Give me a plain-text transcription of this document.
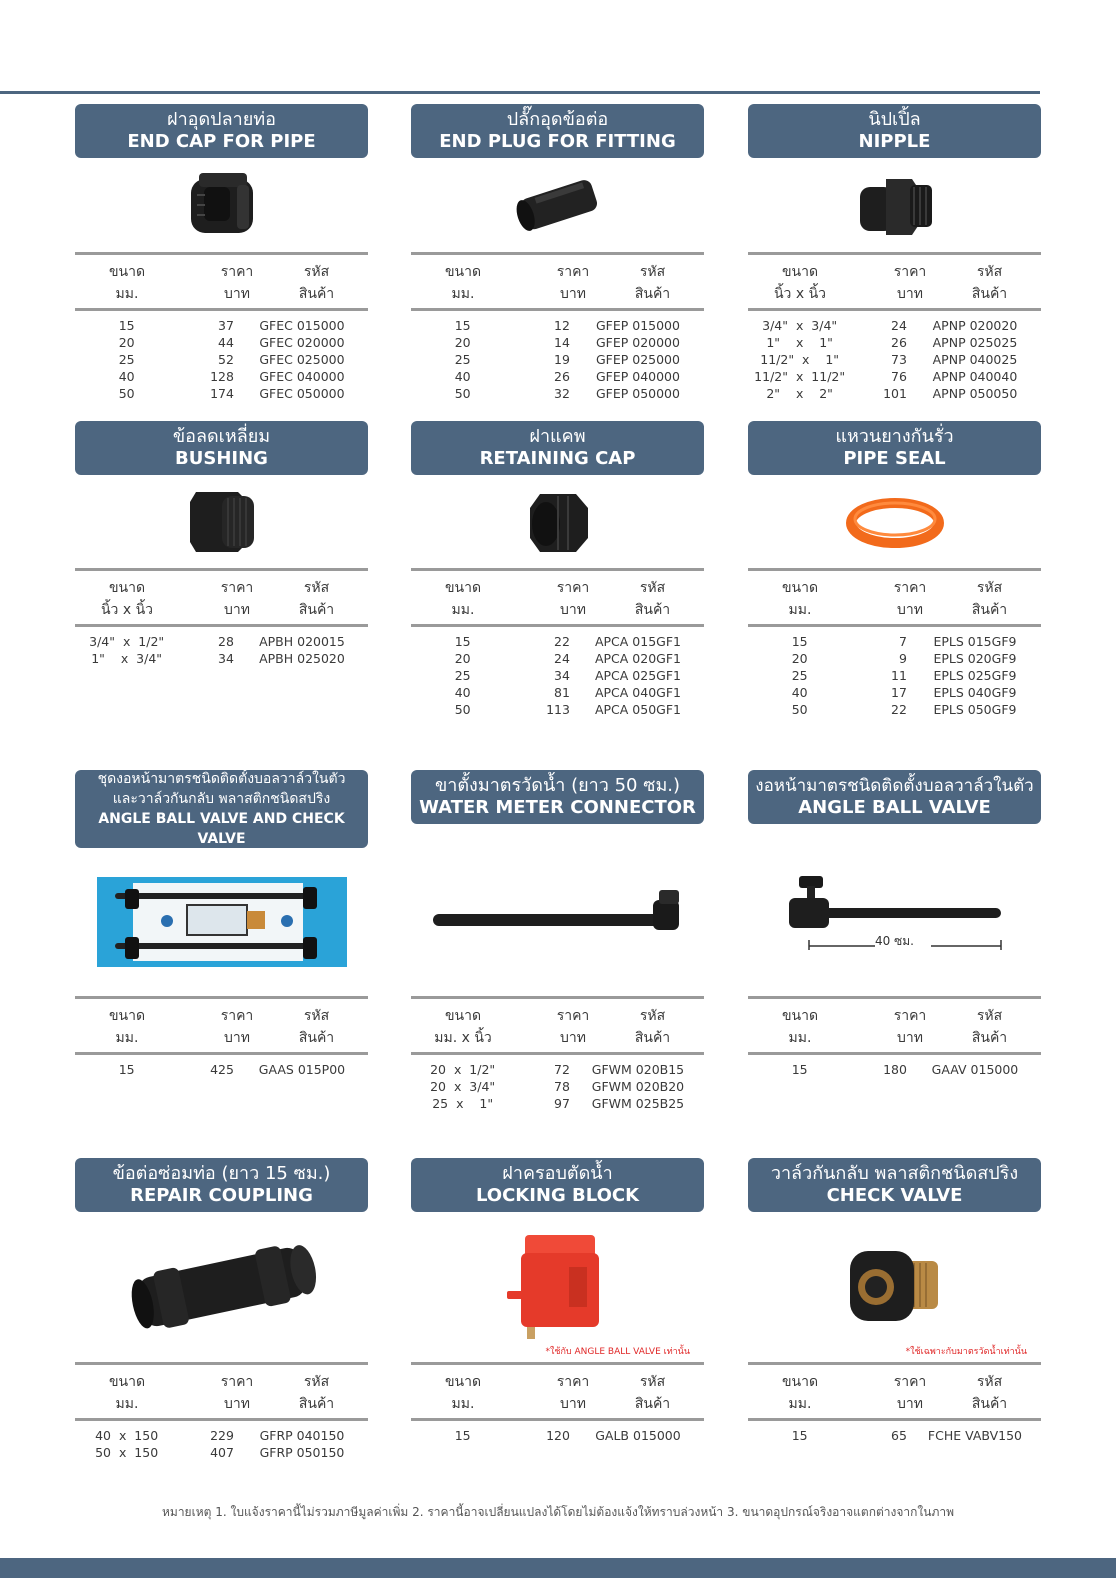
ฝาอุดปลายท่อ
END CAP FOR PIPE
ขนาด
มม.
ราคา
บาท
รหัส
สินค้า
15	37	GFEC 015000
20	44	GFEC 020000
25	52	GFEC 025000
40	128	GFEC 040000
50	174	GFEC 050000
ปลั๊กอุดข้อต่อ
END PLUG FOR FITTING
ขนาด
มม.
ราคา
บาท
รหัส
สินค้า
15	12	GFEP 015000
20	14	GFEP 020000
25	19	GFEP 025000
40	26	GFEP 040000
50	32	GFEP 050000
นิปเปิ้ล
NIPPLE
ขนาด
นิ้ว x นิ้ว
ราคา
บาท
รหัส
สินค้า
3/4"  x  3/4"	24	APNP 020020
1"    x    1"	26	APNP 025025
11/2"  x    1"	73	APNP 040025
11/2"  x  11/2"	76	APNP 040040
2"    x    2"	101	APNP 050050
ข้อลดเหลี่ยม
BUSHING
ขนาด
นิ้ว x นิ้ว
ราคา
บาท
รหัส
สินค้า
3/4"  x  1/2"	28	APBH 020015
1"    x  3/4"	34	APBH 025020
ฝาแคพ
RETAINING CAP
ขนาด
มม.
ราคา
บาท
รหัส
สินค้า
15	22	APCA 015GF1
20	24	APCA 020GF1
25	34	APCA 025GF1
40	81	APCA 040GF1
50	113	APCA 050GF1
แหวนยางกันรั่ว
PIPE SEAL
ขนาด
มม.
ราคา
บาท
รหัส
สินค้า
15	7	EPLS 015GF9
20	9	EPLS 020GF9
25	11	EPLS 025GF9
40	17	EPLS 040GF9
50	22	EPLS 050GF9
ชุดงอหน้ามาตรชนิดติดตั้งบอลวาล์วในตัว
และวาล์วกันกลับ พลาสติกชนิดสปริง
ANGLE BALL VALVE AND CHECK VALVE
ขนาด
มม.
ราคา
บาท
รหัส
สินค้า
15	425	GAAS 015P00
ขาตั้งมาตรวัดน้ำ (ยาว 50 ซม.)
WATER METER CONNECTOR
ขนาด
มม. x นิ้ว
ราคา
บาท
รหัส
สินค้า
20  x  1/2"	72	GFWM 020B15
20  x  3/4"	78	GFWM 020B20
25  x    1"	97	GFWM 025B25
งอหน้ามาตรชนิดติดตั้งบอลวาล์วในตัว
ANGLE BALL VALVE
40 ซม.
ขนาด
มม.
ราคา
บาท
รหัส
สินค้า
15	180	GAAV 015000
ข้อต่อซ่อมท่อ (ยาว 15 ซม.)
REPAIR COUPLING
ขนาด
มม.
ราคา
บาท
รหัส
สินค้า
40  x  150	229	GFRP 040150
50  x  150	407	GFRP 050150
ฝาครอบตัดน้ำ
LOCKING BLOCK
*ใช้กับ ANGLE BALL VALVE เท่านั้น
ขนาด
มม.
ราคา
บาท
รหัส
สินค้า
15	120	GALB 015000
วาล์วกันกลับ พลาสติกชนิดสปริง
CHECK VALVE
*ใช้เฉพาะกับมาตรวัดน้ำเท่านั้น
ขนาด
มม.
ราคา
บาท
รหัส
สินค้า
15	65	FCHE VABV150
หมายเหตุ 1. ใบแจ้งราคานี้ไม่รวมภาษีมูลค่าเพิ่ม 2. ราคานี้อาจเปลี่ยนแปลงได้โดยไม่ต้องแจ้งให้ทราบล่วงหน้า 3. ขนาดอุปกรณ์จริงอาจแตกต่างจากในภาพ
